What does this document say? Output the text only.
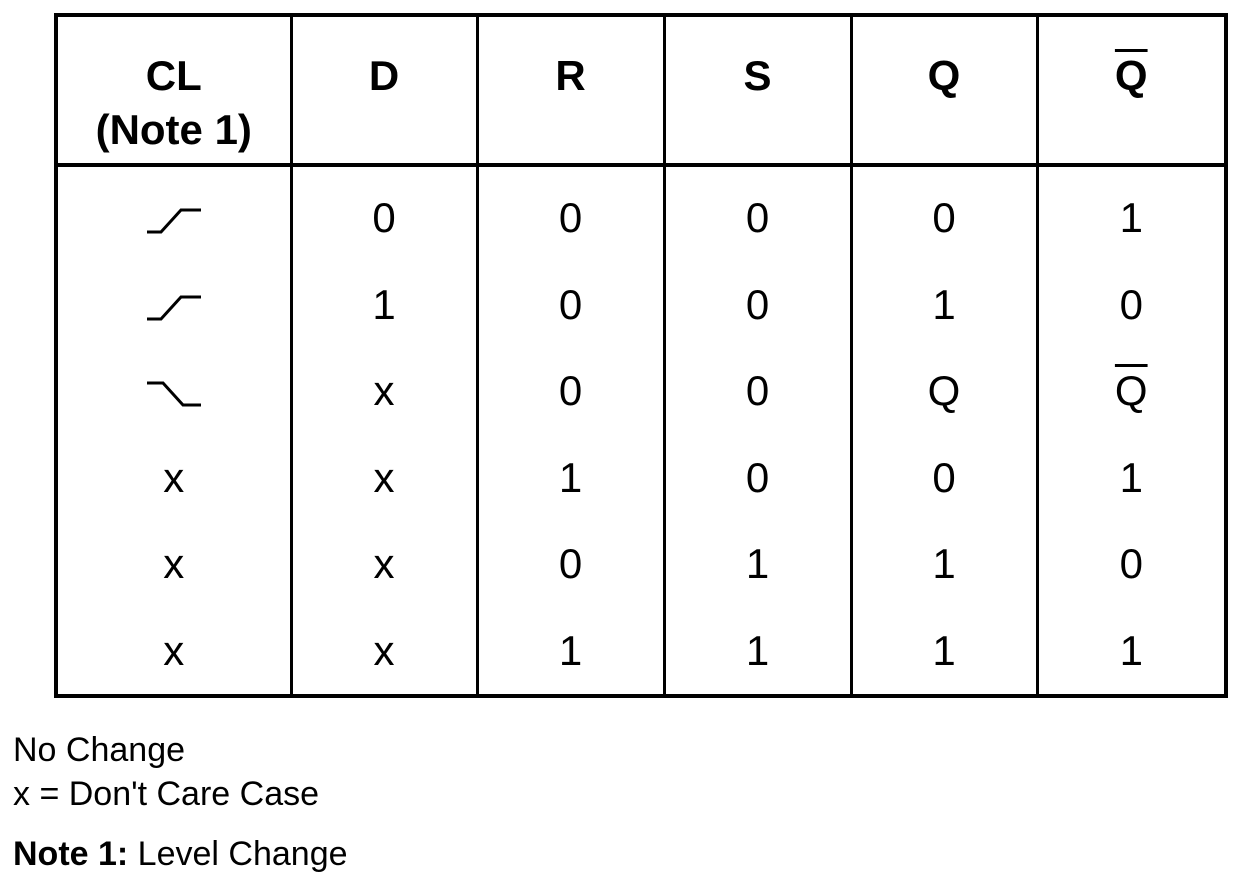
CL
(Note 1)	D	R	S	Q	$\overline{Q}$
	0	0	0	0	1
	1	0	0	1	0
	x	0	0	Q	$\overline{Q}$
x	x	1	0	0	1
x	x	0	1	1	0
x	x	1	1	1	1
No Change
x = Don't Care Case
Note 1: Level Change
